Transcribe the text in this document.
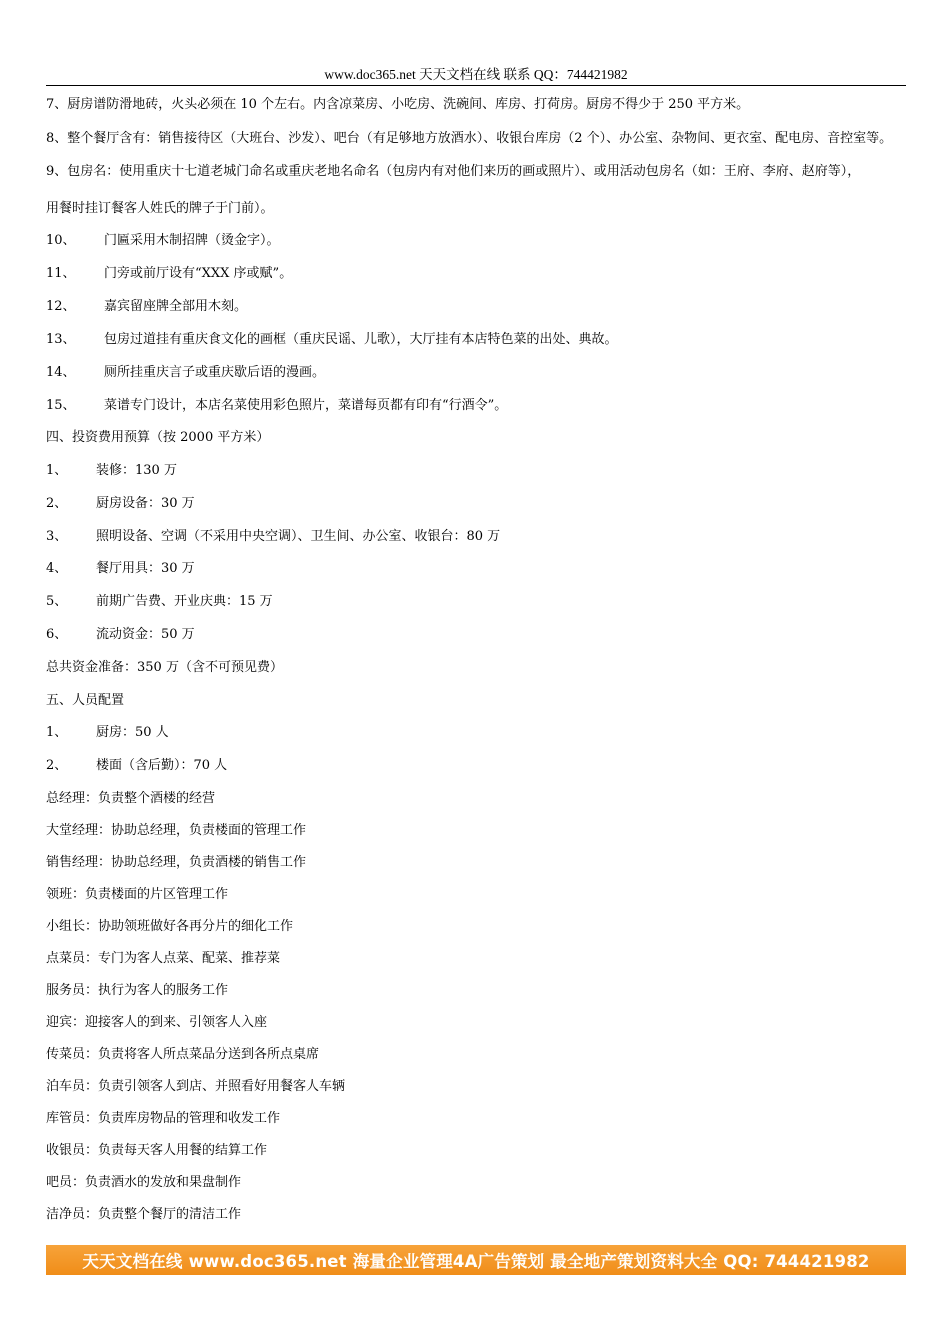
www.doc365.net 天天文档在线 联系 QQ：744421982
7、厨房谱防滑地砖，火头必须在 10 个左右。内含凉菜房、小吃房、洗碗间、库房、打荷房。厨房不得少于 250 平方米。
8、整个餐厅含有：销售接待区（大班台、沙发）、吧台（有足够地方放酒水）、收银台库房（2 个）、办公室、杂物间、更衣室、配电房、音控室等。
9、包房名：使用重庆十七道老城门命名或重庆老地名命名（包房内有对他们来历的画或照片）、或用活动包房名（如：王府、李府、赵府等），
用餐时挂订餐客人姓氏的牌子于门前）。
10、	门匾采用木制招牌（烫金字）。
11、	门旁或前厅设有“XXX 序或赋”。
12、	嘉宾留座牌全部用木刻。
13、	包房过道挂有重庆食文化的画框（重庆民谣、儿歌），大厅挂有本店特色菜的出处、典故。
14、	厕所挂重庆言子或重庆歇后语的漫画。
15、	菜谱专门设计，本店名菜使用彩色照片，菜谱每页都有印有“行酒令”。
四、投资费用预算（按 2000 平方米）
1、	装修：130 万
2、	厨房设备：30 万
3、	照明设备、空调（不采用中央空调）、卫生间、办公室、收银台：80 万
4、	餐厅用具：30 万
5、	前期广告费、开业庆典：15 万
6、	流动资金：50 万
总共资金准备：350 万（含不可预见费）
五、人员配置
1、	厨房：50 人
2、	楼面（含后勤）：70 人
总经理：负责整个酒楼的经营
大堂经理：协助总经理，负责楼面的管理工作
销售经理：协助总经理，负责酒楼的销售工作
领班：负责楼面的片区管理工作
小组长：协助领班做好各再分片的细化工作
点菜员：专门为客人点菜、配菜、推荐菜
服务员：执行为客人的服务工作
迎宾：迎接客人的到来、引领客人入座
传菜员：负责将客人所点菜品分送到各所点桌席
泊车员：负责引领客人到店、并照看好用餐客人车辆
库管员：负责库房物品的管理和收发工作
收银员：负责每天客人用餐的结算工作
吧员：负责酒水的发放和果盘制作
洁净员：负责整个餐厅的清洁工作
天天文档在线 www.doc365.net 海量企业管理4A广告策划 最全地产策划资料大全 QQ: 744421982
